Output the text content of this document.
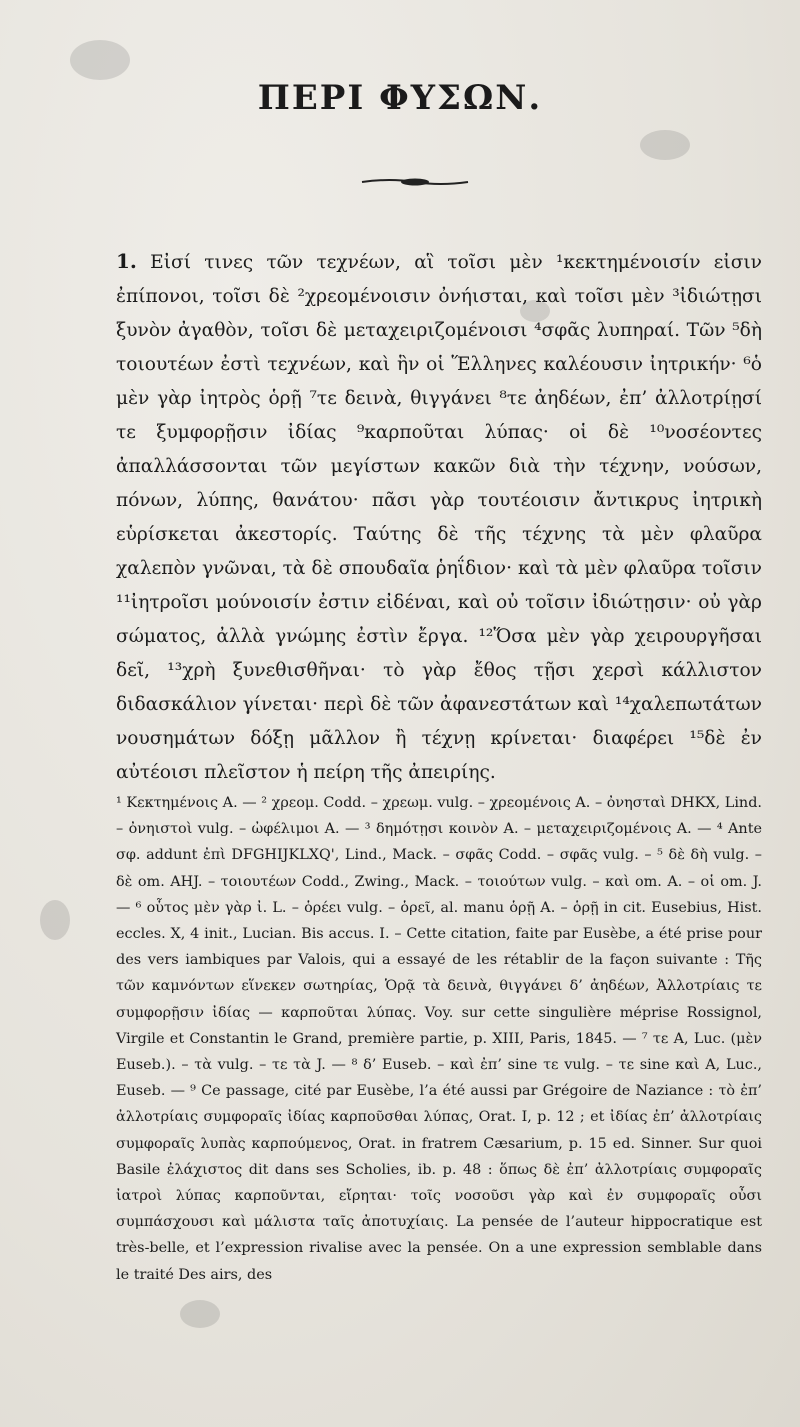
ΠΕΡΙ ΦΥΣΩΝ.
1. Εἰσί τινες τῶν τεχνέων, αἳ τοῖσι μὲν ¹κεκτημένοισίν εἰσιν ἐπίπονοι, τοῖσι δὲ ²χρεομένοισιν ὀνήισται, καὶ τοῖσι μὲν ³ἰδιώτῃσι ξυνὸν ἀγαθὸν, τοῖσι δὲ μεταχειριζομένοισι ⁴σφᾶς λυπηραί. Τῶν ⁵δὴ τοιουτέων ἐστὶ τεχνέων, καὶ ἣν οἱ Ἕλληνες καλέουσιν ἰητρικήν· ⁶ὁ μὲν γὰρ ἰητρὸς ὁρῇ ⁷τε δεινὰ, θιγγάνει ⁸τε ἀηδέων, ἐπ’ ἀλλοτρίῃσί τε ξυμφορῇσιν ἰδίας ⁹καρποῦται λύπας· οἱ δὲ ¹⁰νοσέοντες ἀπαλλάσσονται τῶν μεγίστων κακῶν διὰ τὴν τέχνην, νούσων, πόνων, λύπης, θανάτου· πᾶσι γὰρ τουτέοισιν ἄντικρυς ἰητρικὴ εὑρίσκεται ἀκεστορίς. Ταύτης δὲ τῆς τέχνης τὰ μὲν φλαῦρα χαλεπὸν γνῶναι, τὰ δὲ σπουδαῖα ῥηΐδιον· καὶ τὰ μὲν φλαῦρα τοῖσιν ¹¹ἰητροῖσι μούνοισίν ἐστιν εἰδέναι, καὶ οὐ τοῖσιν ἰδιώτῃσιν· οὐ γὰρ σώματος, ἀλλὰ γνώμης ἐστὶν ἔργα. ¹²Ὅσα μὲν γὰρ χειρουργῆσαι δεῖ, ¹³χρὴ ξυνεθισθῆναι· τὸ γὰρ ἔθος τῇσι χερσὶ κάλλιστον διδασκάλιον γίνεται· περὶ δὲ τῶν ἀφανεστάτων καὶ ¹⁴χαλεπωτάτων νουσημάτων δόξῃ μᾶλλον ἢ τέχνῃ κρίνεται· διαφέρει ¹⁵δὲ ἐν αὐτέοισι πλεῖστον ἡ πείρη τῆς ἀπειρίης.
¹ Κεκτημένοις A. — ² χρεομ. Codd. – χρεωμ. vulg. – χρεομένοις A. – ὀνησταὶ DHKX, Lind. – ὀνηιστοὶ vulg. – ὠφέλιμοι A. — ³ δημότῃσι κοινὸν A. – μεταχειριζομένοις A. — ⁴ Ante σφ. addunt ἐπὶ DFGHIJKLXQ', Lind., Mack. – σφᾶς Codd. – σφᾶς vulg. – ⁵ δὲ δὴ vulg. – δὲ om. AHJ. – τοιουτέων Codd., Zwing., Mack. – τοιούτων vulg. – καὶ om. A. – οἱ om. J. — ⁶ οὗτος μὲν γὰρ ἰ. L. – ὁρέει vulg. – ὁρεῖ, al. manu ὁρῇ A. – ὁρῇ in cit. Eusebius, Hist. eccles. X, 4 init., Lucian. Bis accus. I. – Cette citation, faite par Eusèbe, a été prise pour des vers iambiques par Valois, qui a essayé de les rétablir de la façon suivante : Τῆς τῶν καμνόντων εἵνεκεν σωτηρίας, Ὁρᾷ τὰ δεινὰ, θιγγάνει δ’ ἀηδέων, Ἀλλοτρίαις τε συμφορῇσιν ἰδίας — καρποῦται λύπας. Voy. sur cette singulière méprise Rossignol, Virgile et Constantin le Grand, première partie, p. XIII, Paris, 1845. — ⁷ τε A, Luc. (μὲν Euseb.). – τὰ vulg. – τε τὰ J. — ⁸ δ’ Euseb. – καὶ ἐπ’ sine τε vulg. – τε sine καὶ A, Luc., Euseb. — ⁹ Ce passage, cité par Eusèbe, l’a été aussi par Grégoire de Naziance : τὸ ἐπ’ ἀλλοτρίαις συμφοραῖς ἰδίας καρποῦσθαι λύπας, Orat. I, p. 12 ; et ἰδίας ἐπ’ ἀλλοτρίαις συμφοραῖς λυπὰς καρπούμενος, Orat. in fratrem Cæsarium, p. 15 ed. Sinner. Sur quoi Basile ἐλάχιστος dit dans ses Scholies, ib. p. 48 : ὅπως δὲ ἐπ’ ἀλλοτρίαις συμφοραῖς ἰατροὶ λύπας καρποῦνται, εἴρηται· τοῖς νοσοῦσι γὰρ καὶ ἐν συμφοραῖς οὖσι συμπάσχουσι καὶ μάλιστα ταῖς ἀποτυχίαις. La pensée de l’auteur hippocratique est très-belle, et l’expression rivalise avec la pensée. On a une expression semblable dans le traité Des airs, des
